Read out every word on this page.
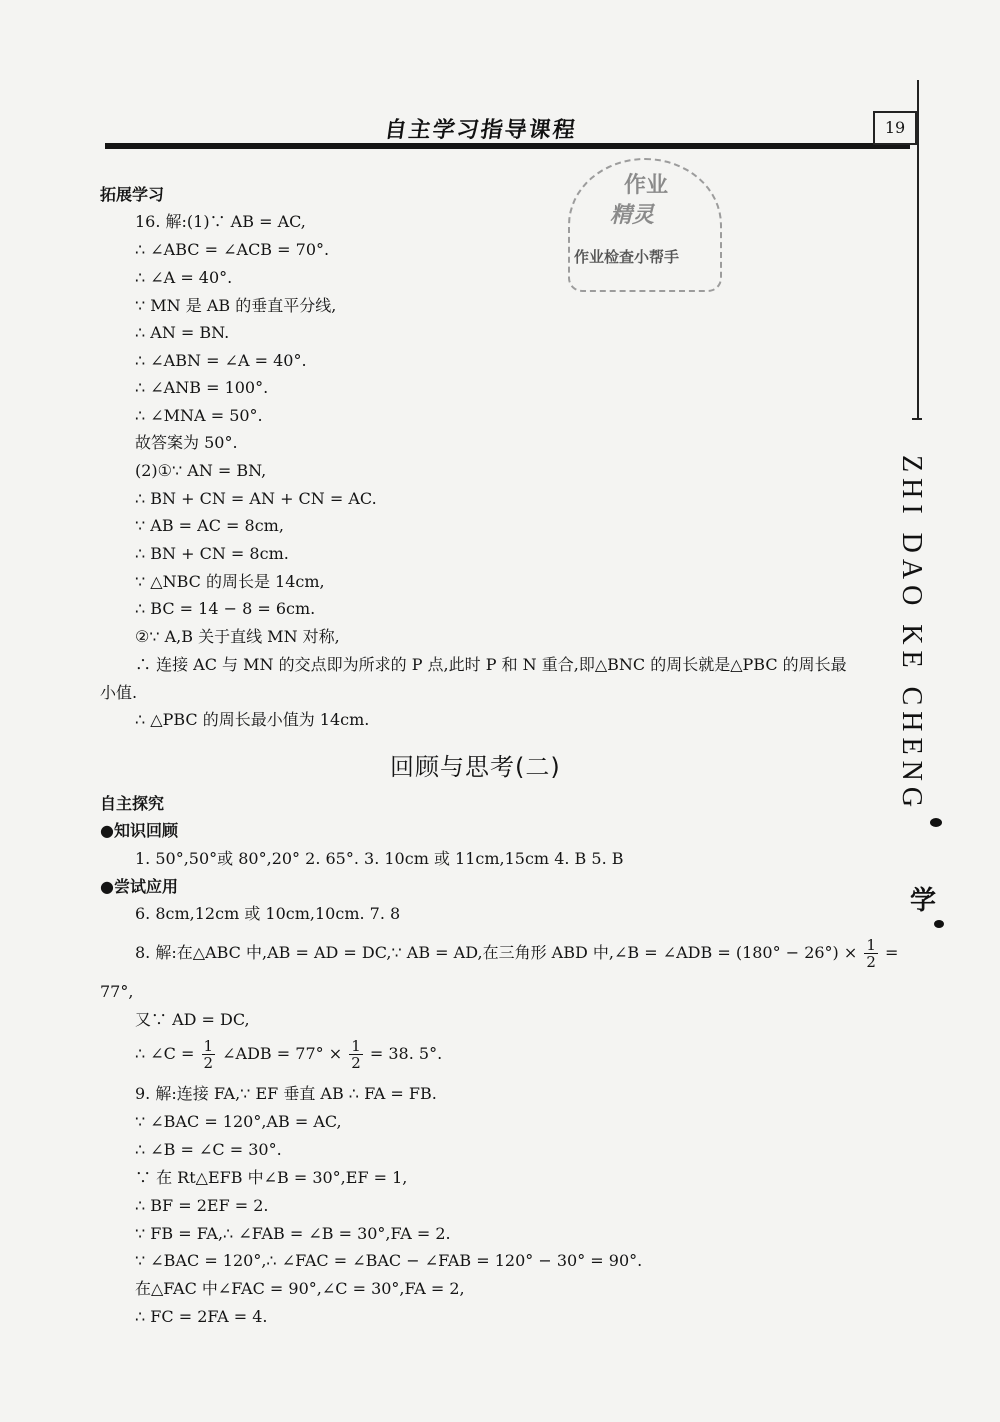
自主学习指导课程	19
ZHI DAO KE CHENG
学
作业
精灵
作业检查小帮手
拓展学习
16. 解:(1)∵ AB = AC,
∴ ∠ABC = ∠ACB = 70°.
∴ ∠A = 40°.
∵ MN 是 AB 的垂直平分线,
∴ AN = BN.
∴ ∠ABN = ∠A = 40°.
∴ ∠ANB = 100°.
∴ ∠MNA = 50°.
故答案为 50°.
(2)①∵ AN = BN,
∴ BN + CN = AN + CN = AC.
∵ AB = AC = 8cm,
∴ BN + CN = 8cm.
∵ △NBC 的周长是 14cm,
∴ BC = 14 − 8 = 6cm.
②∵ A,B 关于直线 MN 对称,
∴ 连接 AC 与 MN 的交点即为所求的 P 点,此时 P 和 N 重合,即△BNC 的周长就是△PBC 的周长最
小值.
∴ △PBC 的周长最小值为 14cm.
回顾与思考(二)
自主探究
●知识回顾
1. 50°,50°或 80°,20° 2. 65°. 3. 10cm 或 11cm,15cm 4. B 5. B
●尝试应用
6. 8cm,12cm 或 10cm,10cm. 7. 8
8. 解:在△ABC 中,AB = AD = DC,∵ AB = AD,在三角形 ABD 中,∠B = ∠ADB = $(180^\circ - 26^\circ) \times \frac{1}{2}$ =
77°,
又∵ AD = DC,
∴ ∠C = $\frac{1}{2}$ ∠ADB = $77^\circ \times \frac{1}{2} = 38$. 5°.
9. 解:连接 FA,∵ EF 垂直 AB ∴ FA = FB.
∵ ∠BAC = 120°,AB = AC,
∴ ∠B = ∠C = 30°.
∵ 在 Rt△EFB 中∠B = 30°,EF = 1,
∴ BF = 2EF = 2.
∵ FB = FA,∴ ∠FAB = ∠B = 30°,FA = 2.
∵ ∠BAC = 120°,∴ ∠FAC = ∠BAC − ∠FAB = 120° − 30° = 90°.
在△FAC 中∠FAC = 90°,∠C = 30°,FA = 2,
∴ FC = 2FA = 4.
